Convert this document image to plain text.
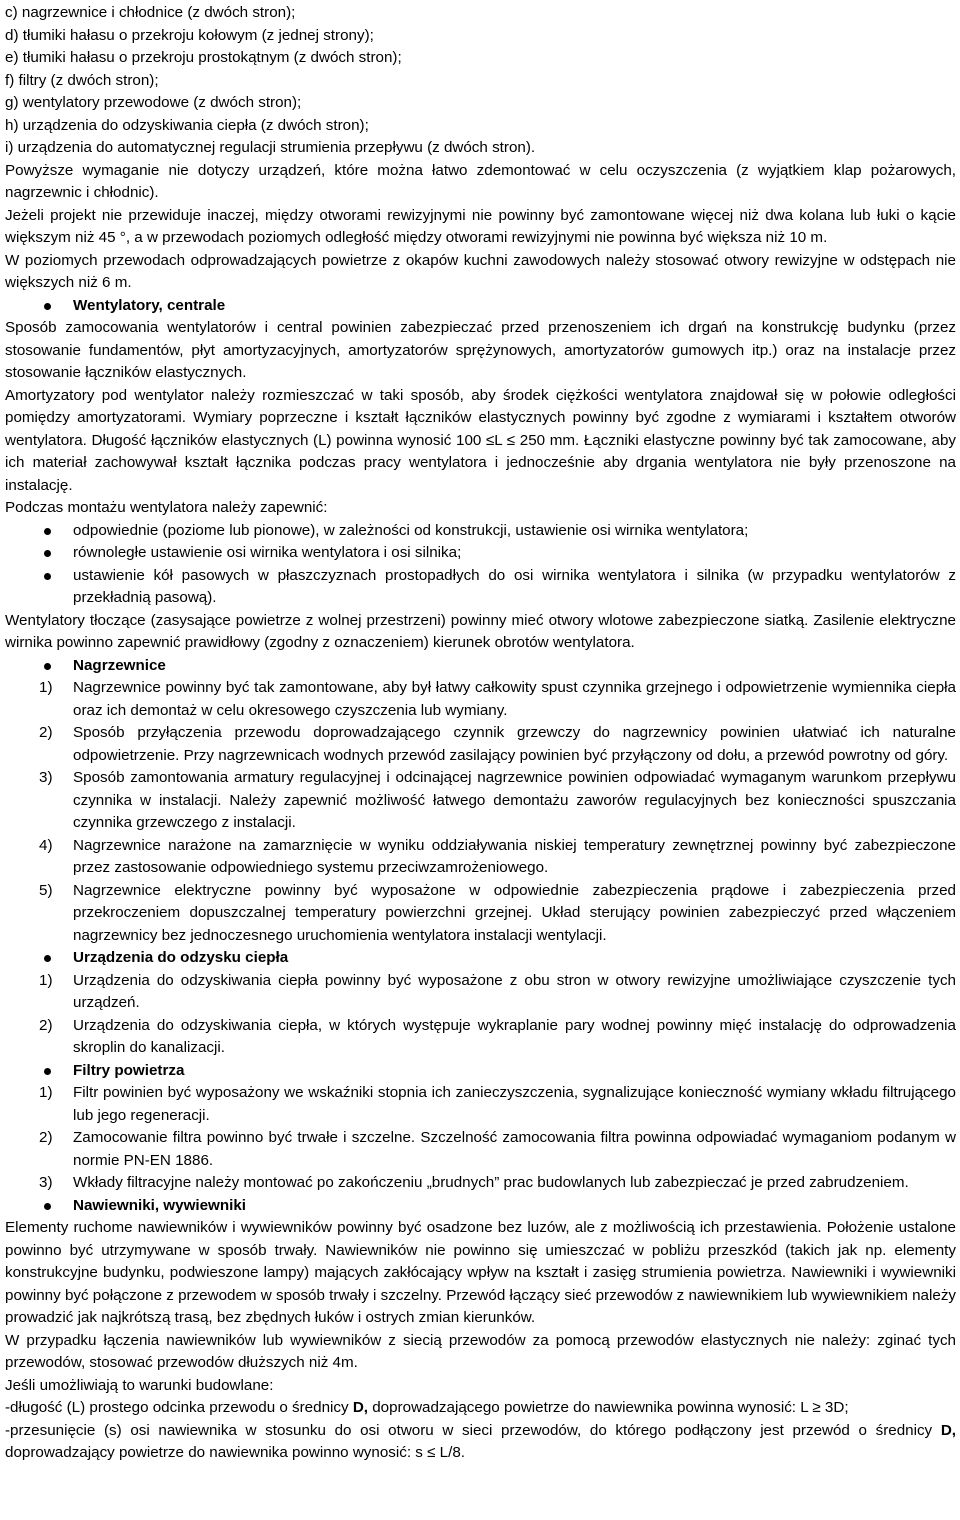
c) nagrzewnice i chłodnice (z dwóch stron);

d) tłumiki hałasu o przekroju kołowym (z jednej strony);

e) tłumiki hałasu o przekroju prostokątnym (z dwóch stron);

f) filtry (z dwóch stron);

g) wentylatory przewodowe (z dwóch stron);

h) urządzenia do odzyskiwania ciepła (z dwóch stron);

i) urządzenia do automatycznej regulacji strumienia przepływu (z dwóch stron).

Powyższe wymaganie nie dotyczy urządzeń, które można łatwo zdemontować w celu oczyszczenia (z wyjątkiem klap pożarowych, nagrzewnic i chłodnic).

Jeżeli projekt nie przewiduje inaczej, między otworami rewizyjnymi nie powinny być zamontowane więcej niż dwa kolana lub łuki o kącie większym niż 45 °, a w przewodach poziomych odległość między otworami rewizyjnymi nie powinna być większa niż 10 m.

W poziomych przewodach odprowadzających powietrze z okapów kuchni zawodowych należy stosować otwory rewizyjne w odstępach nie większych niż 6 m.

Wentylatory, centrale

Sposób zamocowania wentylatorów i central powinien zabezpieczać przed przenoszeniem ich drgań na konstrukcję budynku (przez stosowanie fundamentów, płyt amortyzacyjnych, amortyzatorów sprężynowych, amortyzatorów gumowych itp.) oraz na instalacje przez stosowanie łączników elastycznych.

Amortyzatory pod wentylator należy rozmieszczać w taki sposób, aby środek ciężkości wentylatora znajdował się w połowie odległości pomiędzy amortyzatorami. Wymiary poprzeczne i kształt łączników elastycznych powinny być zgodne z wymiarami i kształtem otworów wentylatora. Długość łączników elastycznych (L) powinna wynosić 100 ≤L ≤ 250 mm. Łączniki elastyczne powinny być tak zamocowane, aby ich materiał zachowywał kształt łącznika podczas pracy wentylatora i jednocześnie aby drgania wentylatora nie były przenoszone na instalację.

Podczas montażu wentylatora należy zapewnić:

odpowiednie (poziome lub pionowe), w zależności od konstrukcji, ustawienie osi wirnika wentylatora;
równoległe ustawienie osi wirnika wentylatora i osi silnika;
ustawienie kół pasowych w płaszczyznach prostopadłych do osi wirnika wentylatora i silnika (w przypadku wentylatorów z przekładnią pasową).

Wentylatory tłoczące (zasysające powietrze z wolnej przestrzeni) powinny mieć otwory wlotowe zabezpieczone siatką. Zasilenie elektryczne wirnika powinno zapewnić prawidłowy (zgodny z oznaczeniem) kierunek obrotów wentylatora.

Nagrzewnice
1) Nagrzewnice powinny być tak zamontowane, aby był łatwy całkowity spust czynnika grzejnego i odpowietrzenie wymiennika ciepła oraz ich demontaż w celu okresowego czyszczenia lub wymiany.
2) Sposób przyłączenia przewodu doprowadzającego czynnik grzewczy do nagrzewnicy powinien ułatwiać ich naturalne odpowietrzenie. Przy nagrzewnicach wodnych przewód zasilający powinien być przyłączony od dołu, a przewód powrotny od góry.
3) Sposób zamontowania armatury regulacyjnej i odcinającej nagrzewnice powinien odpowiadać wymaganym warunkom przepływu czynnika w instalacji. Należy zapewnić możliwość łatwego demontażu zaworów regulacyjnych bez konieczności spuszczania czynnika grzewczego z instalacji.
4) Nagrzewnice narażone na zamarznięcie w wyniku oddziaływania niskiej temperatury zewnętrznej powinny być zabezpieczone przez zastosowanie odpowiedniego systemu przeciwzamrożeniowego.
5) Nagrzewnice elektryczne powinny być wyposażone w odpowiednie zabezpieczenia prądowe i zabezpieczenia przed przekroczeniem dopuszczalnej temperatury powierzchni grzejnej. Układ sterujący powinien zabezpieczyć przed włączeniem nagrzewnicy bez jednoczesnego uruchomienia wentylatora instalacji wentylacji.
Urządzenia do odzysku ciepła
1) Urządzenia do odzyskiwania ciepła powinny być wyposażone z obu stron w otwory rewizyjne umożliwiające czyszczenie tych urządzeń.
2) Urządzenia do odzyskiwania ciepła, w których występuje wykraplanie pary wodnej powinny mięć instalację do odprowadzenia skroplin do kanalizacji.
Filtry powietrza
1) Filtr powinien być wyposażony we wskaźniki stopnia ich zanieczyszczenia, sygnalizujące konieczność wymiany wkładu filtrującego lub jego regeneracji.
2) Zamocowanie filtra powinno być trwałe i szczelne. Szczelność zamocowania filtra powinna odpowiadać wymaganiom podanym w normie PN-EN 1886.
3) Wkłady filtracyjne należy montować po zakończeniu „brudnych” prac budowlanych lub zabezpieczać je przed zabrudzeniem.
Nawiewniki, wywiewniki

Elementy ruchome nawiewników i wywiewników powinny być osadzone bez luzów, ale z możliwością ich przestawienia. Położenie ustalone powinno być utrzymywane w sposób trwały. Nawiewników nie powinno się umieszczać w pobliżu przeszkód (takich jak np. elementy konstrukcyjne budynku, podwieszone lampy) mających zakłócający wpływ na kształt i zasięg strumienia powietrza. Nawiewniki i wywiewniki powinny być połączone z przewodem w sposób trwały i szczelny. Przewód łączący sieć przewodów z nawiewnikiem lub wywiewnikiem należy prowadzić jak najkrótszą trasą, bez zbędnych łuków i ostrych zmian kierunków.

W przypadku łączenia nawiewników lub wywiewników z siecią przewodów za pomocą przewodów elastycznych nie należy: zginać tych przewodów, stosować przewodów dłuższych niż 4m.

Jeśli umożliwiają to warunki budowlane:

-długość (L) prostego odcinka przewodu o średnicy D, doprowadzającego powietrze do nawiewnika powinna wynosić: L ≥ 3D;

-przesunięcie (s) osi nawiewnika w stosunku do osi otworu w sieci przewodów, do którego podłączony jest przewód o średnicy D, doprowadzający powietrze do nawiewnika powinno wynosić: s ≤ L/8.
